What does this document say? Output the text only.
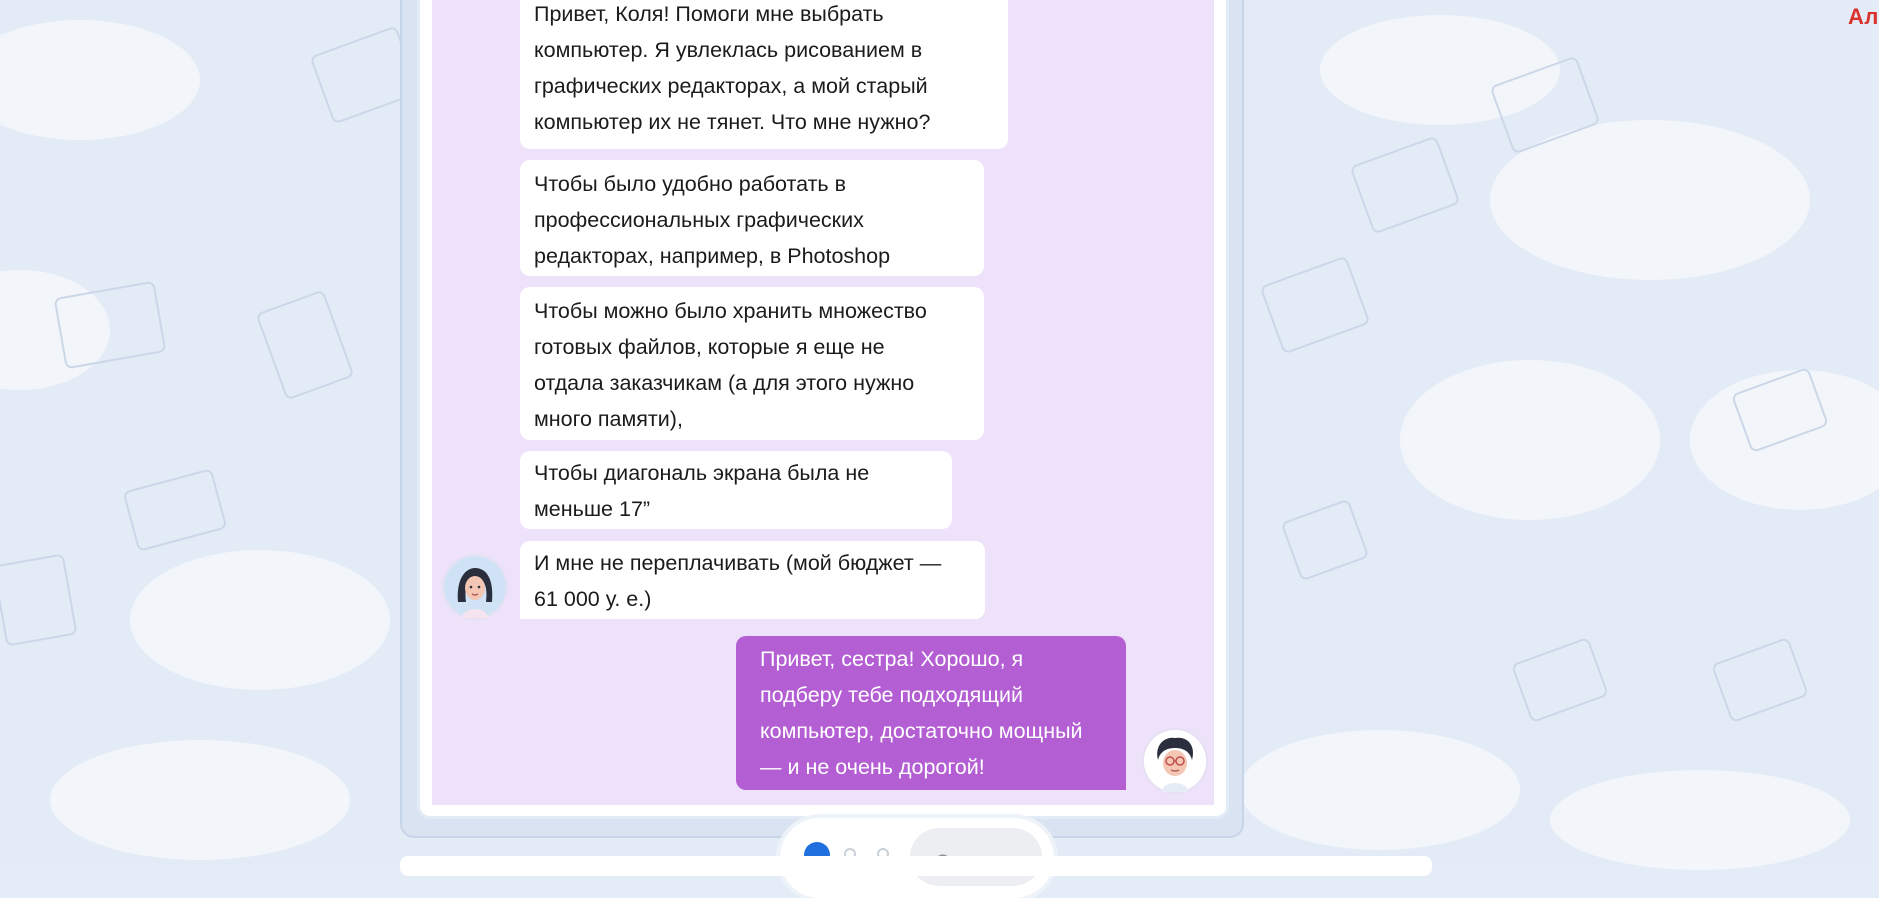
Ал
Привет, Коля! Помоги мне выбрать
компьютер. Я увлеклась рисованием в
графических редакторах, а мой старый
компьютер их не тянет. Что мне нужно?
Чтобы было удобно работать в
профессиональных графических
редакторах, например, в Photoshop
Чтобы можно было хранить множество
готовых файлов, которые я еще не
отдала заказчикам (а для этого нужно
много памяти),
Чтобы диагональ экрана была не
меньше 17”
И мне не переплачивать (мой бюджет —
61 000 у. е.)
Привет, сестра! Хорошо, я
подберу тебе подходящий
компьютер, достаточно мощный
— и не очень дорогой!
